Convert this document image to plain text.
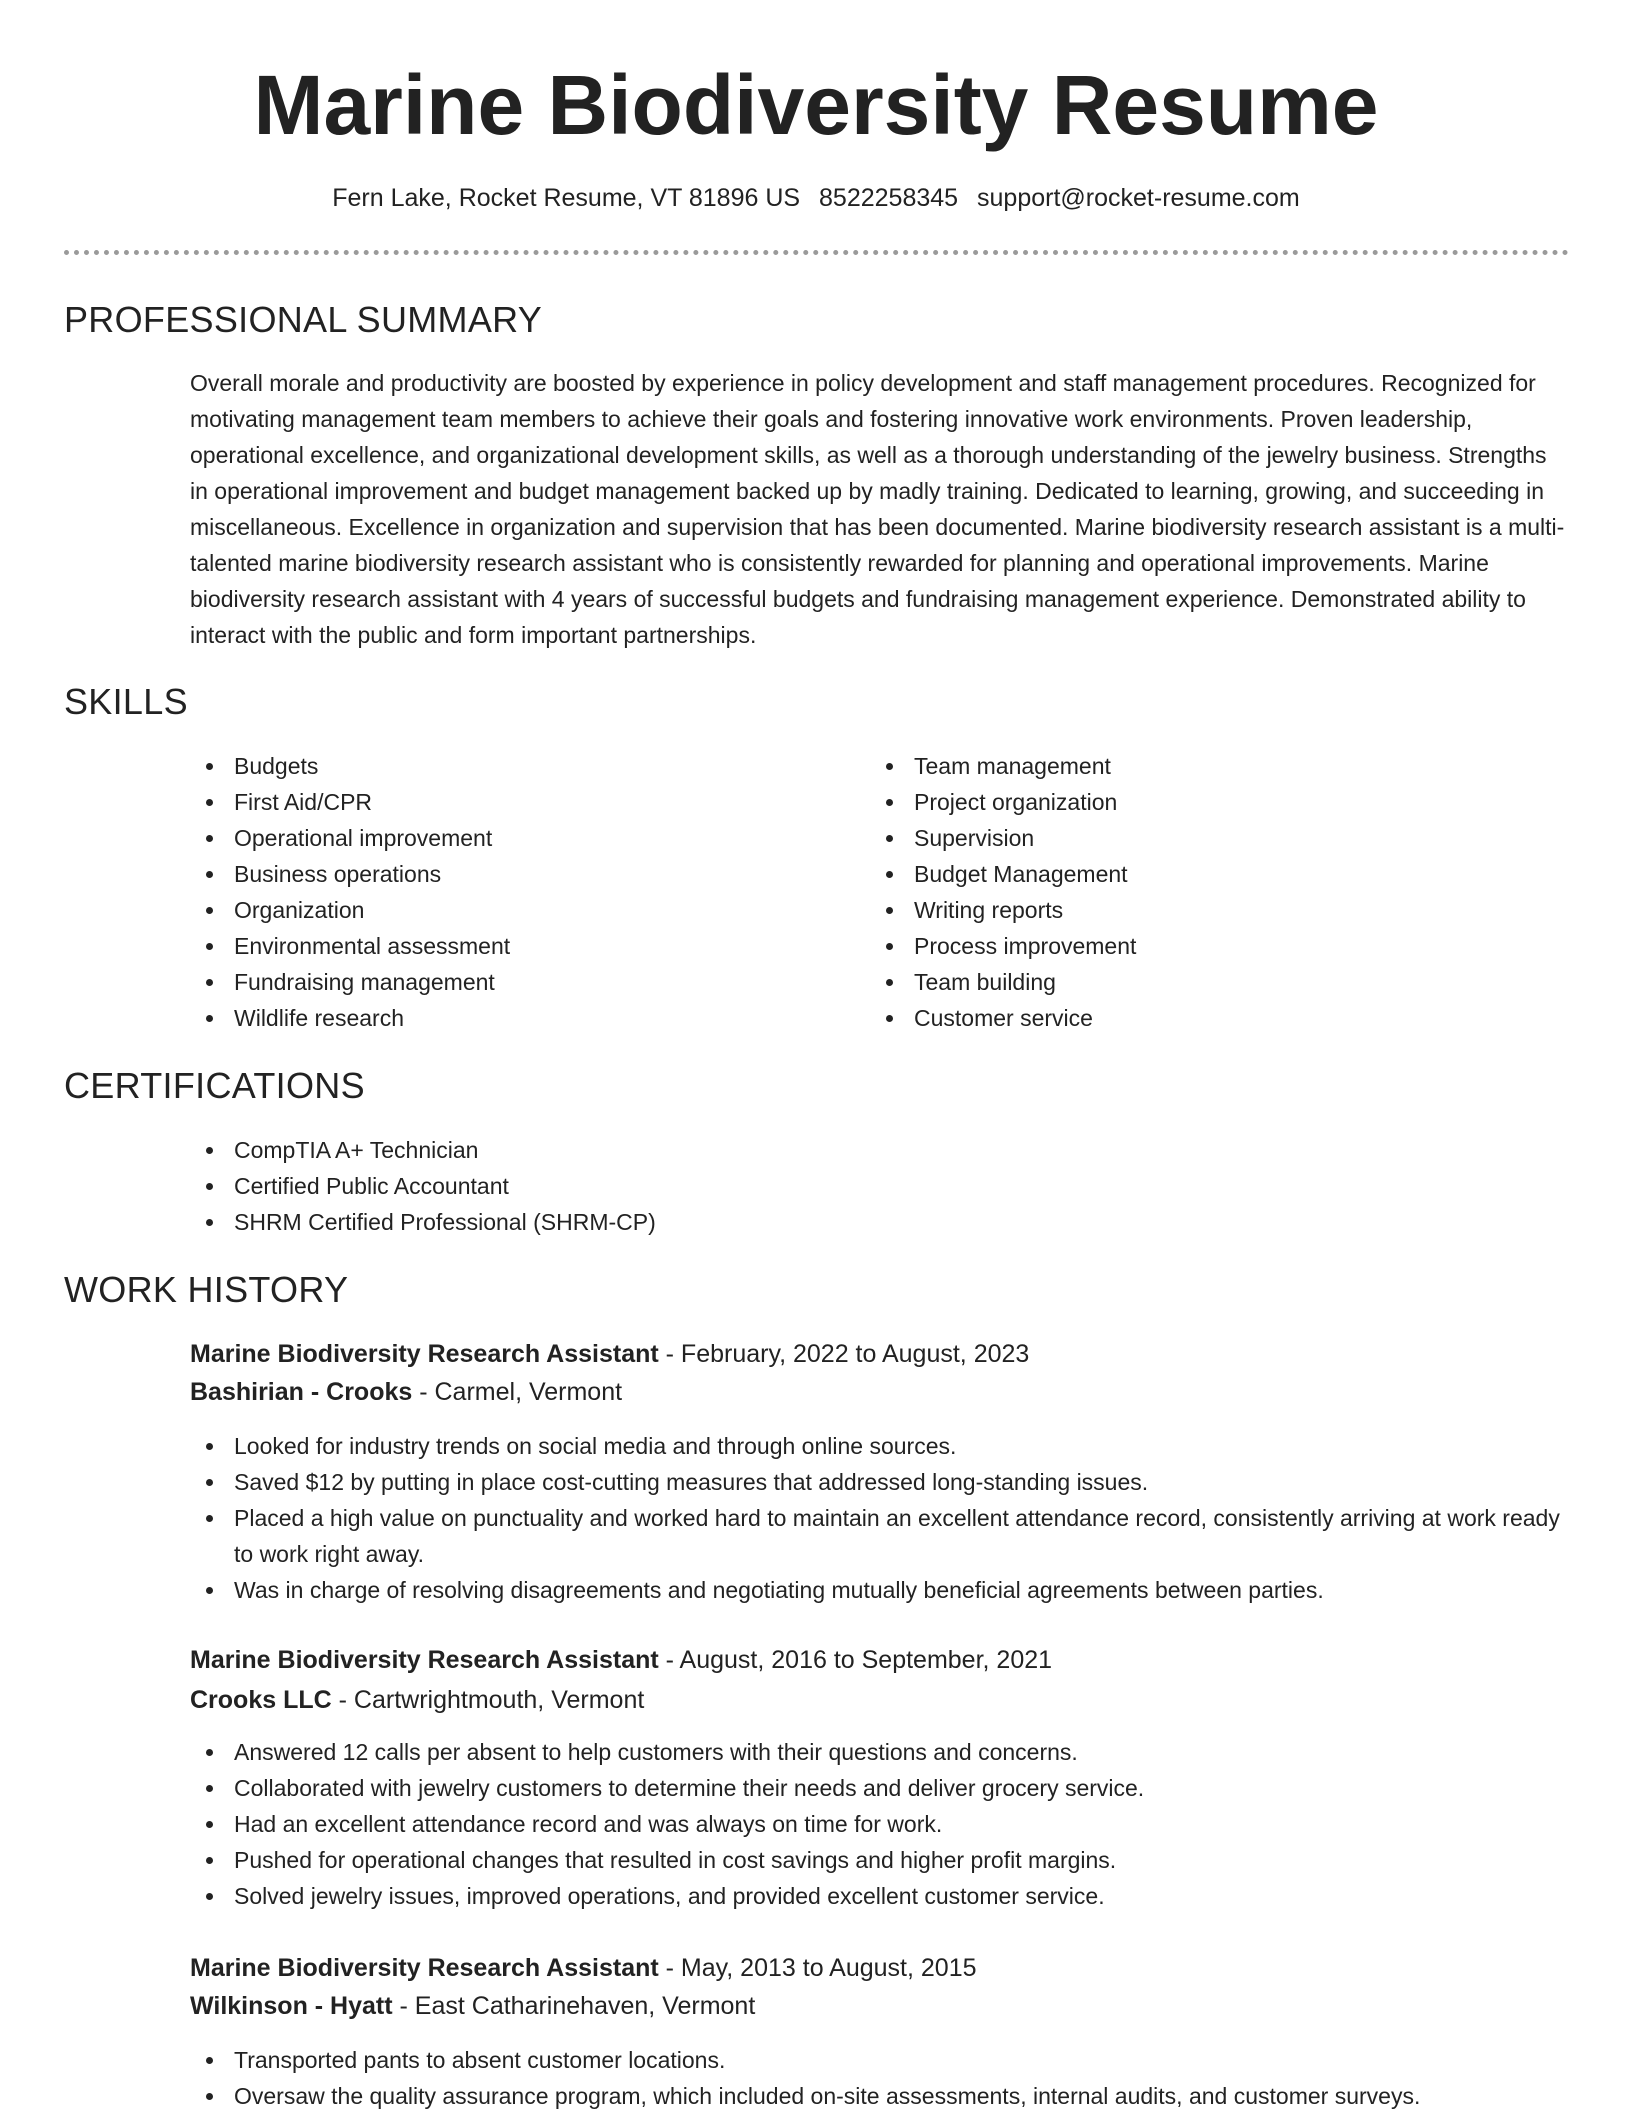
Marine Biodiversity Resume
Fern Lake, Rocket Resume, VT 81896 US 8522258345 support@rocket-resume.com
PROFESSIONAL SUMMARY
Overall morale and productivity are boosted by experience in policy development and staff management procedures. Recognized for motivating management team members to achieve their goals and fostering innovative work environments. Proven leadership, operational excellence, and organizational development skills, as well as a thorough understanding of the jewelry business. Strengths in operational improvement and budget management backed up by madly training. Dedicated to learning, growing, and succeeding in miscellaneous. Excellence in organization and supervision that has been documented. Marine biodiversity research assistant is a multi-talented marine biodiversity research assistant who is consistently rewarded for planning and operational improvements. Marine biodiversity research assistant with 4 years of successful budgets and fundraising management experience. Demonstrated ability to interact with the public and form important partnerships.
SKILLS
Budgets
First Aid/CPR
Operational improvement
Business operations
Organization
Environmental assessment
Fundraising management
Wildlife research
Team management
Project organization
Supervision
Budget Management
Writing reports
Process improvement
Team building
Customer service
CERTIFICATIONS
CompTIA A+ Technician
Certified Public Accountant
SHRM Certified Professional (SHRM-CP)
WORK HISTORY
Marine Biodiversity Research Assistant - February, 2022 to August, 2023
Bashirian - Crooks - Carmel, Vermont
Looked for industry trends on social media and through online sources.
Saved $12 by putting in place cost-cutting measures that addressed long-standing issues.
Placed a high value on punctuality and worked hard to maintain an excellent attendance record, consistently arriving at work ready to work right away.
Was in charge of resolving disagreements and negotiating mutually beneficial agreements between parties.
Marine Biodiversity Research Assistant - August, 2016 to September, 2021
Crooks LLC - Cartwrightmouth, Vermont
Answered 12 calls per absent to help customers with their questions and concerns.
Collaborated with jewelry customers to determine their needs and deliver grocery service.
Had an excellent attendance record and was always on time for work.
Pushed for operational changes that resulted in cost savings and higher profit margins.
Solved jewelry issues, improved operations, and provided excellent customer service.
Marine Biodiversity Research Assistant - May, 2013 to August, 2015
Wilkinson - Hyatt - East Catharinehaven, Vermont
Transported pants to absent customer locations.
Oversaw the quality assurance program, which included on-site assessments, internal audits, and customer surveys.
